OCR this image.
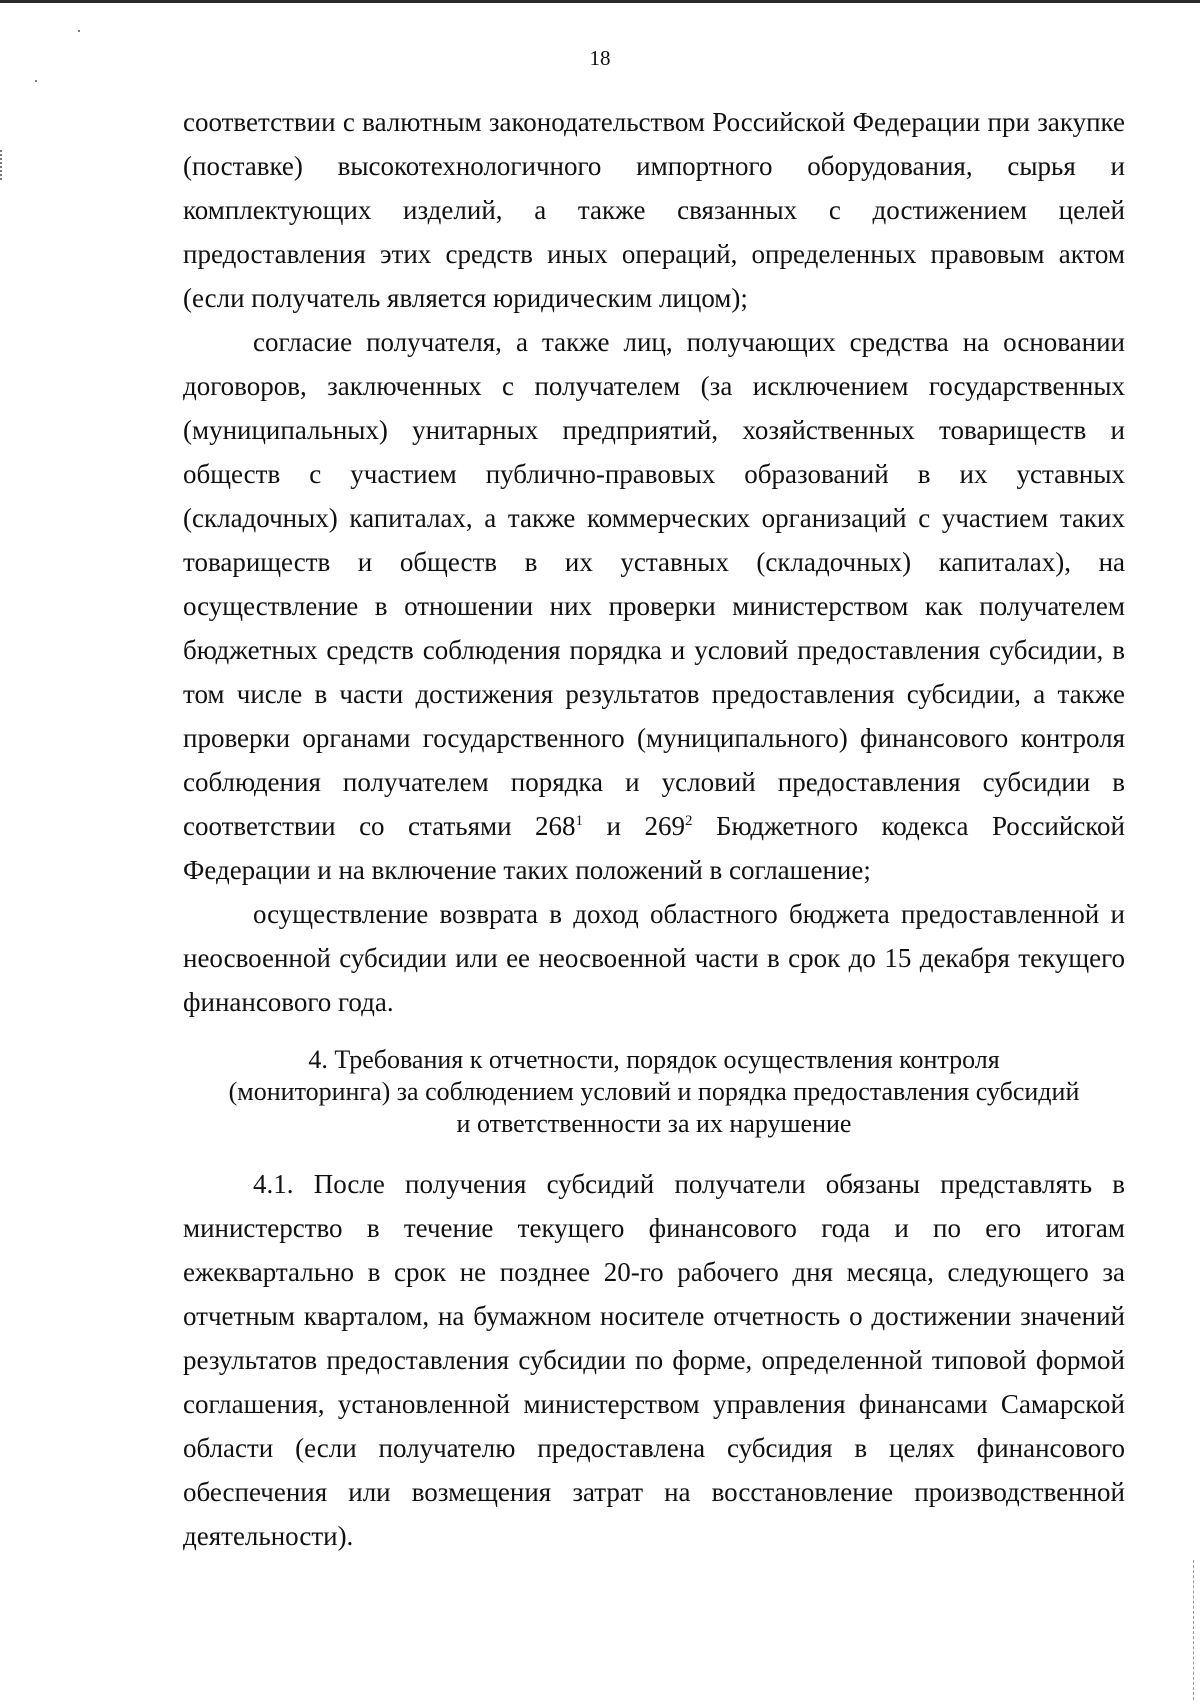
18

соответствии с валютным законодательством Российской Федерации при закупке (поставке) высокотехнологичного импортного оборудования, сырья и комплектующих изделий, а также связанных с достижением целей предоставления этих средств иных операций, определенных правовым актом (если получатель является юридическим лицом);

согласие получателя, а также лиц, получающих средства на основании договоров, заключенных с получателем (за исключением государственных (муниципальных) унитарных предприятий, хозяйственных товариществ и обществ с участием публично-правовых образований в их уставных (складочных) капиталах, а также коммерческих организаций с участием таких товариществ и обществ в их уставных (складочных) капиталах), на осуществление в отношении них проверки министерством как получателем бюджетных средств соблюдения порядка и условий предоставления субсидии, в том числе в части достижения результатов предоставления субсидии, а также проверки органами государственного (муниципального) финансового контроля соблюдения получателем порядка и условий предоставления субсидии в соответствии со статьями $268^1$ и $269^2$ Бюджетного кодекса Российской Федерации и на включение таких положений в соглашение;

осуществление возврата в доход областного бюджета предоставленной и неосвоенной субсидии или ее неосвоенной части в срок до 15 декабря текущего финансового года.

4. Требования к отчетности, порядок осуществления контроля
(мониторинга) за соблюдением условий и порядка предоставления субсидий
и ответственности за их нарушение

4.1. После получения субсидий получатели обязаны представлять в министерство в течение текущего финансового года и по его итогам ежеквартально в срок не позднее 20-го рабочего дня месяца, следующего за отчетным кварталом, на бумажном носителе отчетность о достижении значений результатов предоставления субсидии по форме, определенной типовой формой соглашения, установленной министерством управления финансами Самарской области (если получателю предоставлена субсидия в целях финансового обеспечения или возмещения затрат на восстановление производственной деятельности).
